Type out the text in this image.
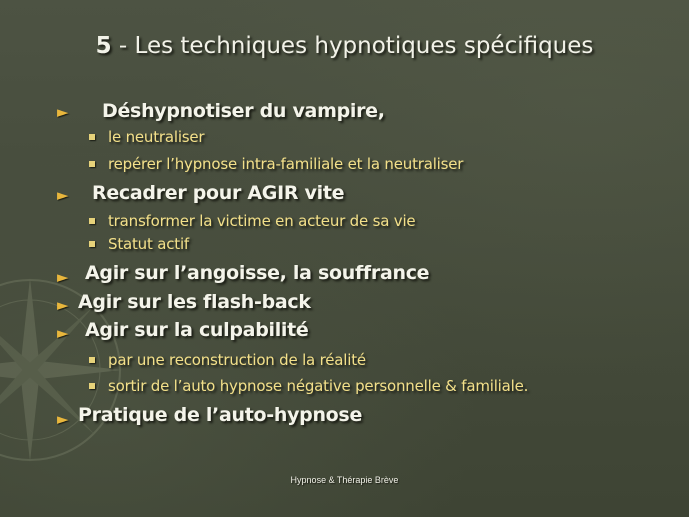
5 - Les techniques hypnotiques spécifiques
► Déshypnotiser du vampire,
le neutraliser
repérer l’hypnose intra-familiale et la neutraliser
► Recadrer pour AGIR vite
transformer la victime en acteur de sa vie
Statut actif
► Agir sur l’angoisse, la souffrance
► Agir sur les flash-back
► Agir sur la culpabilité
par une reconstruction de la réalité
sortir de l’auto hypnose négative personnelle & familiale.
► Pratique de l’auto-hypnose
Hypnose & Thérapie Brève
